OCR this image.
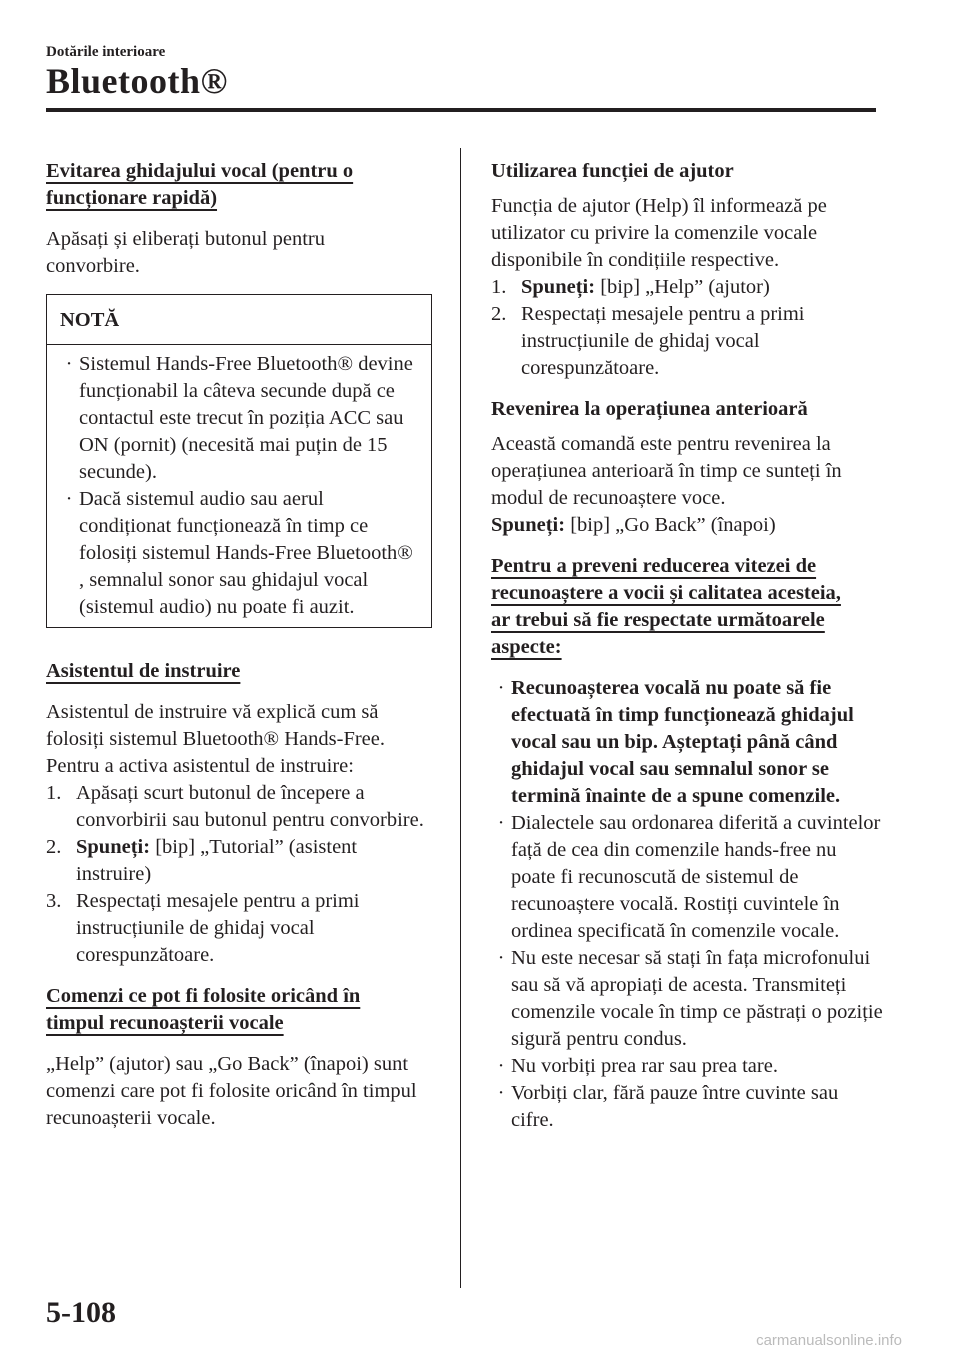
Dotările interioare
Bluetooth®

Evitarea ghidajului vocal (pentru o funcționare rapidă)

Apăsați și eliberați butonul pentru convorbire.

NOTĂ
· Sistemul Hands-Free Bluetooth® devine funcționabil la câteva secunde după ce contactul este trecut în poziția ACC sau ON (pornit) (necesită mai puțin de 15 secunde).
· Dacă sistemul audio sau aerul condiționat funcționează în timp ce folosiți sistemul Hands-Free Bluetooth® , semnalul sonor sau ghidajul vocal (sistemul audio) nu poate fi auzit.

Asistentul de instruire

Asistentul de instruire vă explică cum să folosiți sistemul Bluetooth® Hands-Free.

Pentru a activa asistentul de instruire:

1. Apăsați scurt butonul de începere a convorbirii sau butonul pentru convorbire.
2. Spuneți: [bip] „Tutorial” (asistent instruire)
3. Respectați mesajele pentru a primi instrucțiunile de ghidaj vocal corespunzătoare.

Comenzi ce pot fi folosite oricând în timpul recunoașterii vocale

„Help” (ajutor) sau „Go Back” (înapoi) sunt comenzi care pot fi folosite oricând în timpul recunoașterii vocale.

Utilizarea funcției de ajutor

Funcția de ajutor (Help) îl informează pe utilizator cu privire la comenzile vocale disponibile în condițiile respective.

1. Spuneți: [bip] „Help” (ajutor)
2. Respectați mesajele pentru a primi instrucțiunile de ghidaj vocal corespunzătoare.

Revenirea la operațiunea anterioară

Această comandă este pentru revenirea la operațiunea anterioară în timp ce sunteți în modul de recunoaștere voce.

Spuneți: [bip] „Go Back” (înapoi)

Pentru a preveni reducerea vitezei de recunoaștere a vocii și calitatea acesteia, ar trebui să fie respectate următoarele aspecte:

· Recunoașterea vocală nu poate să fie efectuată în timp funcționează ghidajul vocal sau un bip. Așteptați până când ghidajul vocal sau semnalul sonor se termină înainte de a spune comenzile.
· Dialectele sau ordonarea diferită a cuvintelor față de cea din comenzile hands-free nu poate fi recunoscută de sistemul de recunoaștere vocală. Rostiți cuvintele în ordinea specificată în comenzile vocale.
· Nu este necesar să stați în fața microfonului sau să vă apropiați de acesta. Transmiteți comenzile vocale în timp ce păstrați o poziție sigură pentru condus.
· Nu vorbiți prea rar sau prea tare.
· Vorbiți clar, fără pauze între cuvinte sau cifre.
5-108
carmanualsonline.info
